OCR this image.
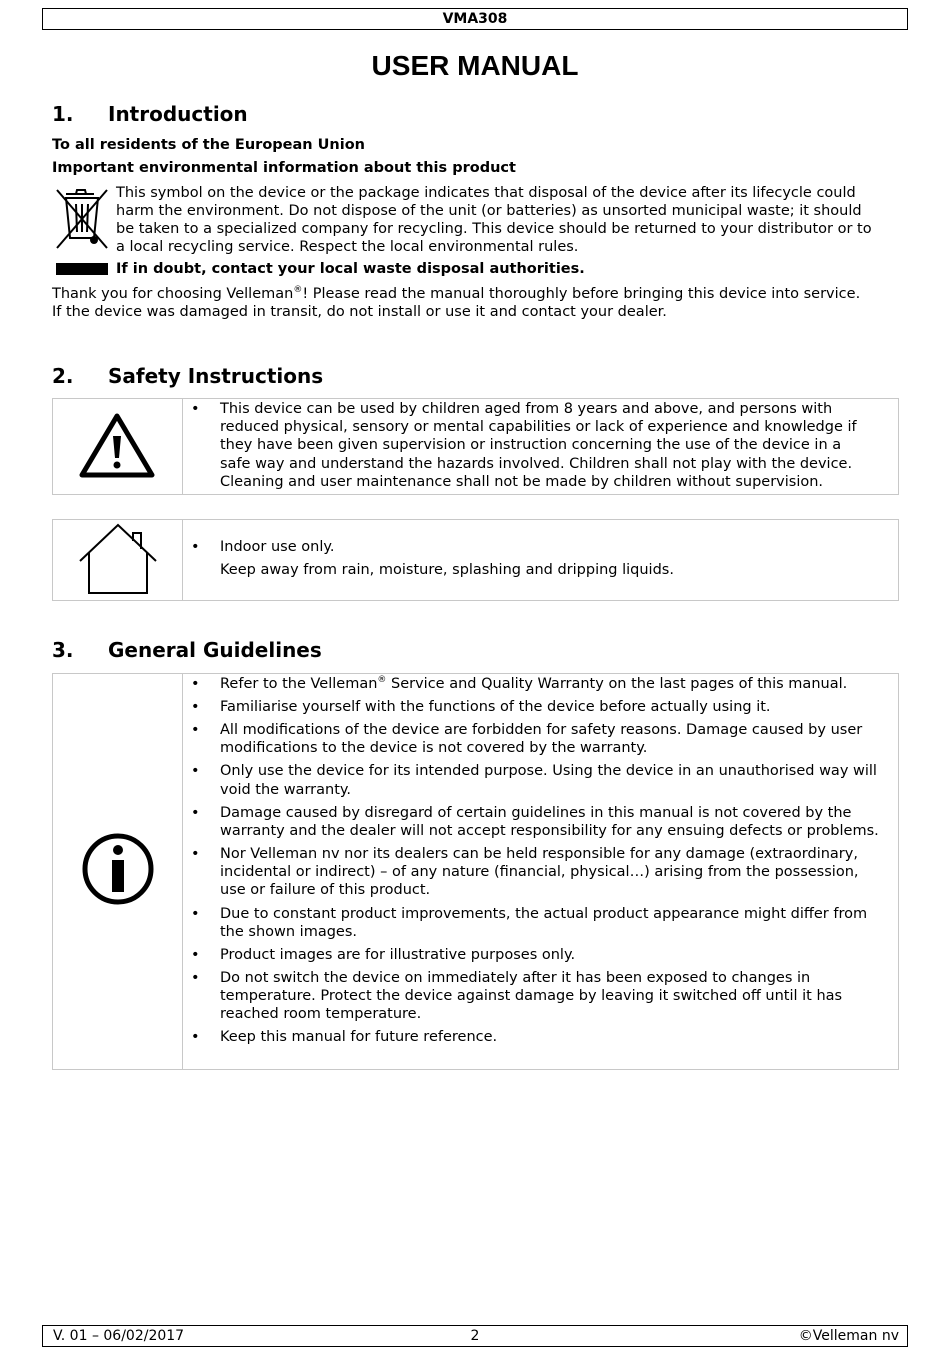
VMA308
USER MANUAL
1. Introduction
To all residents of the European Union
Important environmental information about this product
This symbol on the device or the package indicates that disposal of the device after its lifecycle could
harm the environment. Do not dispose of the unit (or batteries) as unsorted municipal waste; it should
be taken to a specialized company for recycling. This device should be returned to your distributor or to
a local recycling service. Respect the local environmental rules.
If in doubt, contact your local waste disposal authorities.
Thank you for choosing Velleman®! Please read the manual thoroughly before bringing this device into service.
If the device was damaged in transit, do not install or use it and contact your dealer.
2. Safety Instructions
• This device can be used by children aged from 8 years and above, and persons with
reduced physical, sensory or mental capabilities or lack of experience and knowledge if
they have been given supervision or instruction concerning the use of the device in a
safe way and understand the hazards involved. Children shall not play with the device.
Cleaning and user maintenance shall not be made by children without supervision.
• Indoor use only.
Keep away from rain, moisture, splashing and dripping liquids.
3. General Guidelines
• Refer to the Velleman® Service and Quality Warranty on the last pages of this manual.
• Familiarise yourself with the functions of the device before actually using it.
• All modifications of the device are forbidden for safety reasons. Damage caused by user modifications to the device is not covered by the warranty.
• Only use the device for its intended purpose. Using the device in an unauthorised way will void the warranty.
• Damage caused by disregard of certain guidelines in this manual is not covered by the warranty and the dealer will not accept responsibility for any ensuing defects or problems.
• Nor Velleman nv nor its dealers can be held responsible for any damage (extraordinary, incidental or indirect) – of any nature (financial, physical…) arising from the possession, use or failure of this product.
• Due to constant product improvements, the actual product appearance might differ from the shown images.
• Product images are for illustrative purposes only.
• Do not switch the device on immediately after it has been exposed to changes in temperature. Protect the device against damage by leaving it switched off until it has reached room temperature.
• Keep this manual for future reference.
V. 01 – 06/02/2017	2	©Velleman nv
